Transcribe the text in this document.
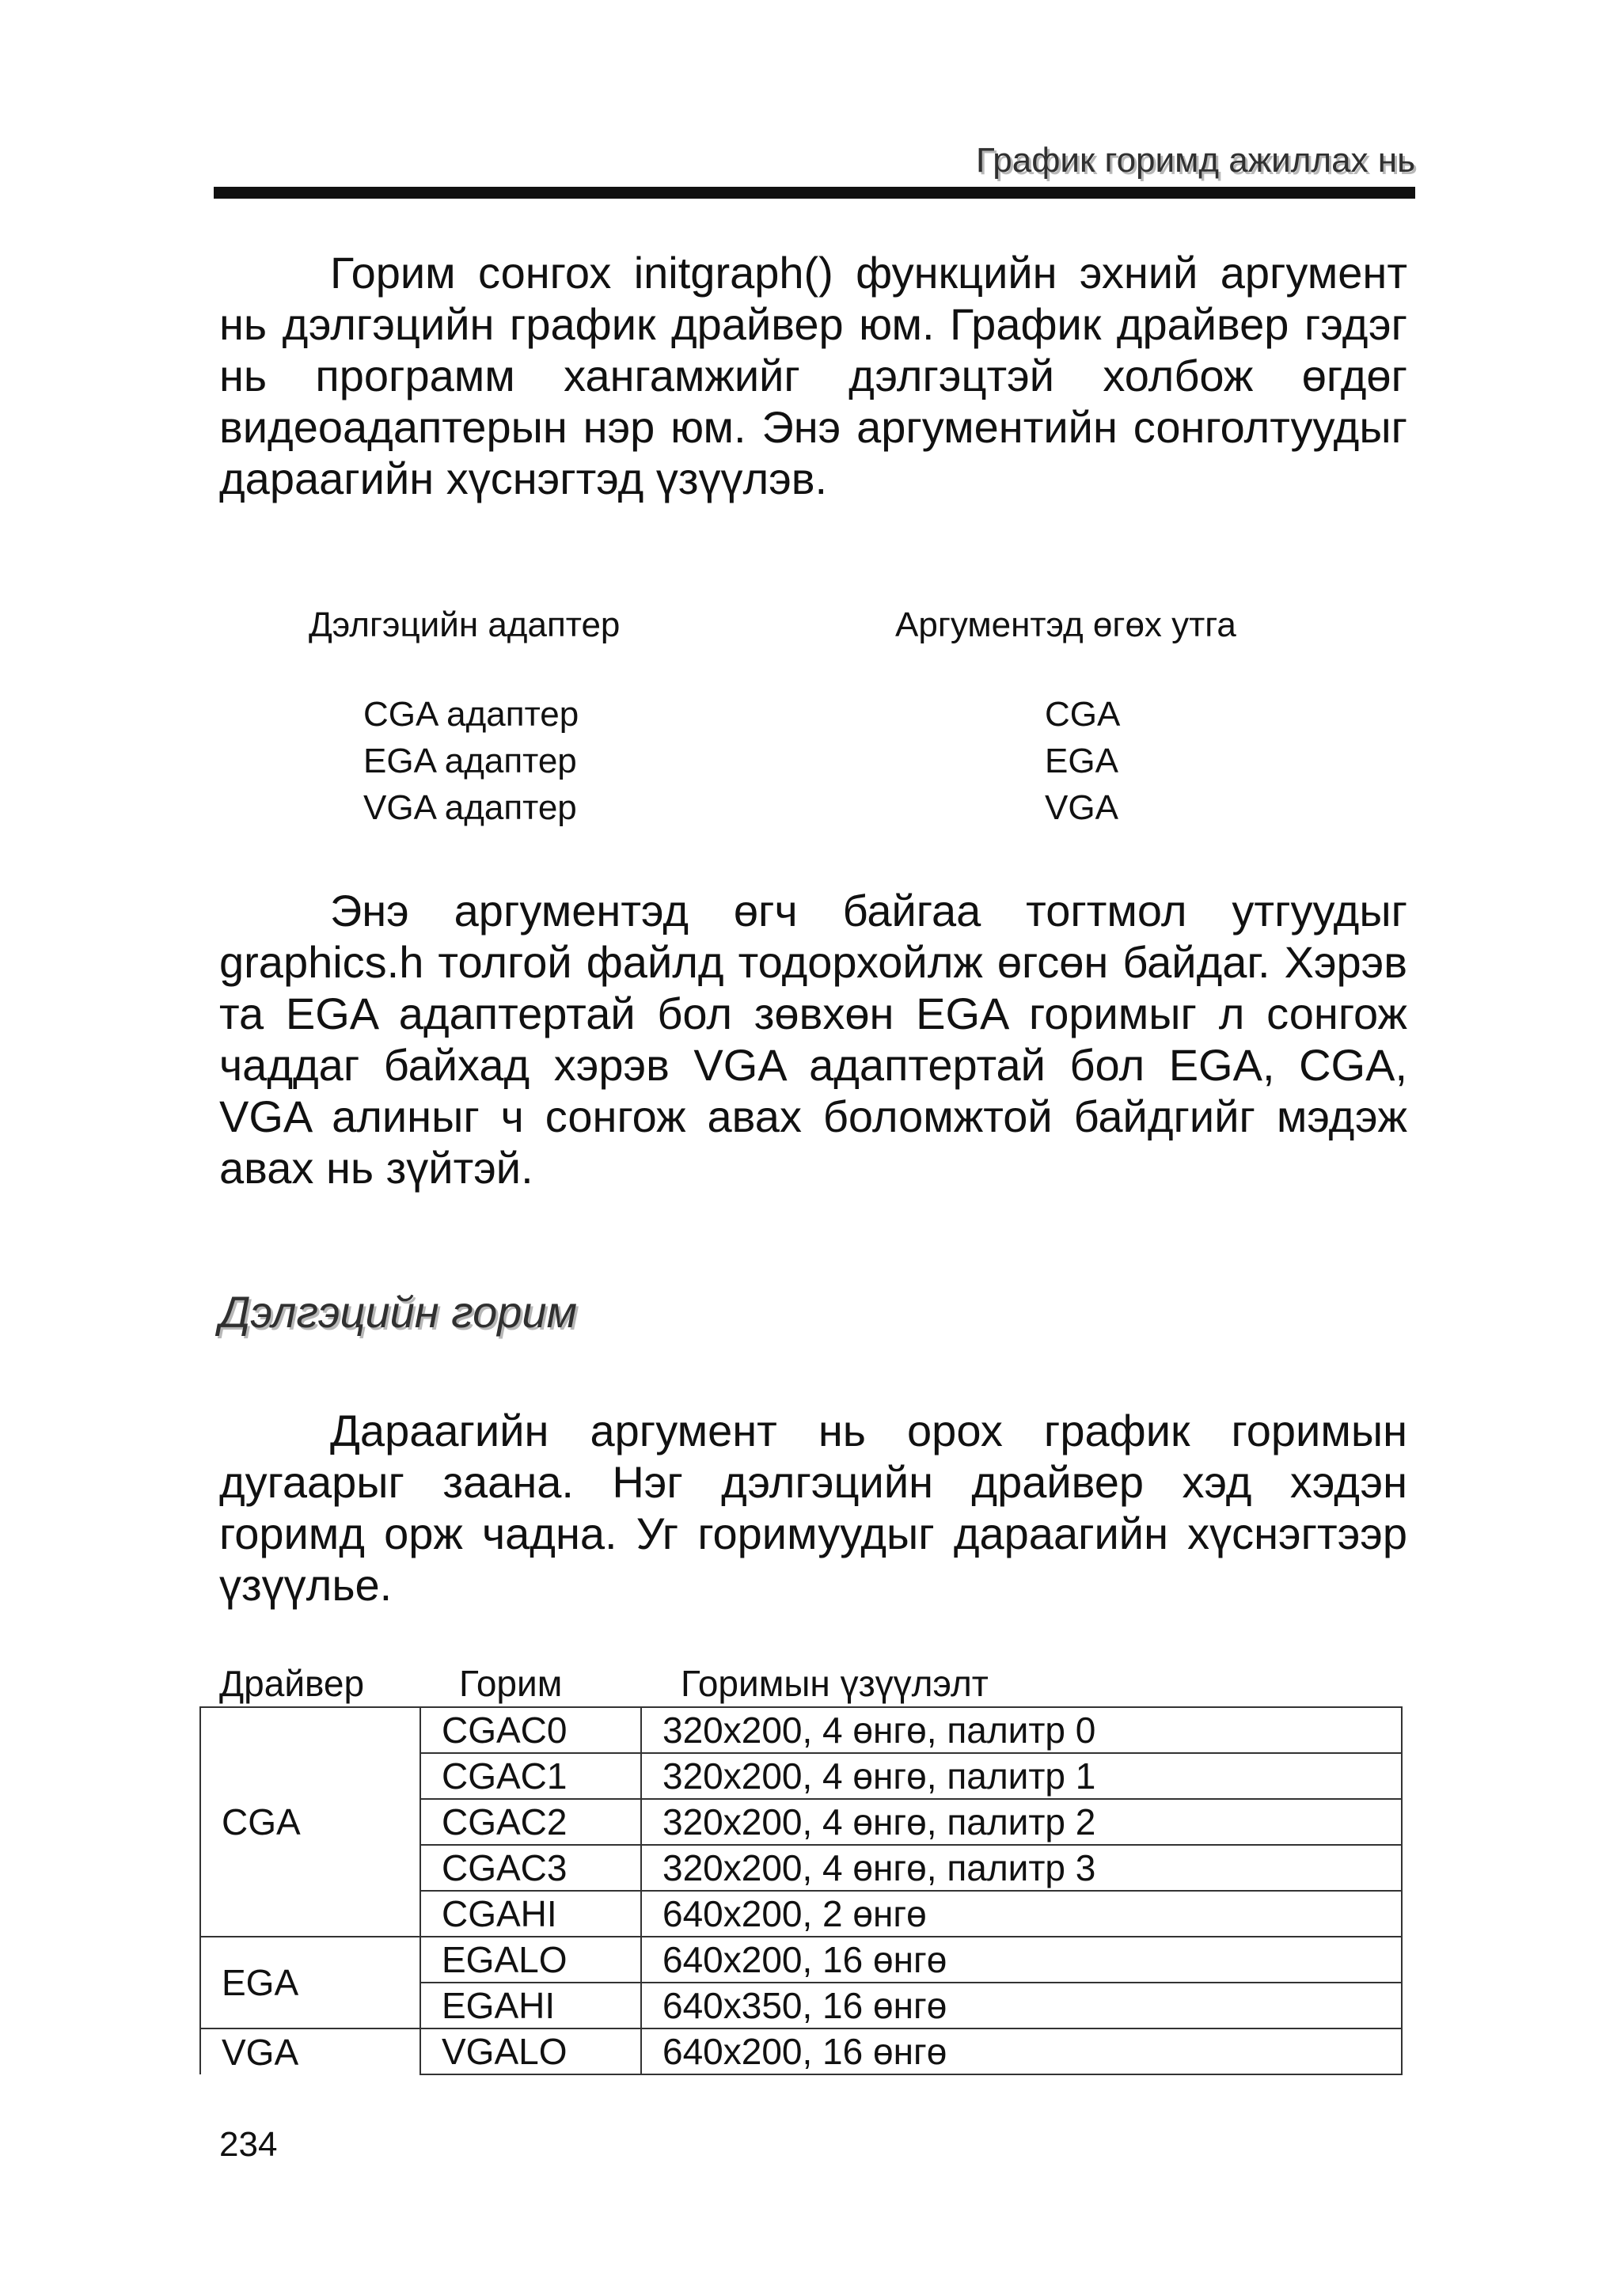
График горимд ажиллах нь

Горим сонгох initgraph() функцийн эхний аргумент нь дэлгэцийн график драйвер юм. График драйвер гэдэг нь программ хангамжийг дэлгэцтэй холбож өгдөг видеоадаптерын нэр юм. Энэ аргументийн сонголтуудыг дараагийн хүснэгтэд үзүүлэв.

Дэлгэцийн адаптер	Аргументэд өгөх утга
CGA адаптер	CGA
EGA адаптер	EGA
VGA адаптер	VGA

Энэ аргументэд өгч байгаа тогтмол утгуудыг graphics.h толгой файлд тодорхойлж өгсөн байдаг. Хэрэв та EGA адаптертай бол зөвхөн EGA горимыг л сонгож чаддаг байхад хэрэв VGA адаптертай бол EGA, CGA, VGA алиныг ч сонгож авах боломжтой байдгийг мэдэж авах нь зүйтэй.

Дэлгэцийн горим

Дараагийн аргумент нь орох график горимын дугаарыг заана. Нэг дэлгэцийн драйвер хэд хэдэн горимд орж чадна. Уг горимуудыг дараагийн хүснэгтээр үзүүлье.

Драйвер	Горим	Горимын үзүүлэлт
CGA	CGAC0	320x200, 4 өнгө, палитр 0
	CGAC1	320x200, 4 өнгө, палитр 1
	CGAC2	320x200, 4 өнгө, палитр 2
	CGAC3	320x200, 4 өнгө, палитр 3
	CGAHI	640x200, 2 өнгө
EGA	EGALO	640x200, 16 өнгө
	EGAHI	640x350, 16 өнгө
VGA	VGALO	640x200, 16 өнгө
234
